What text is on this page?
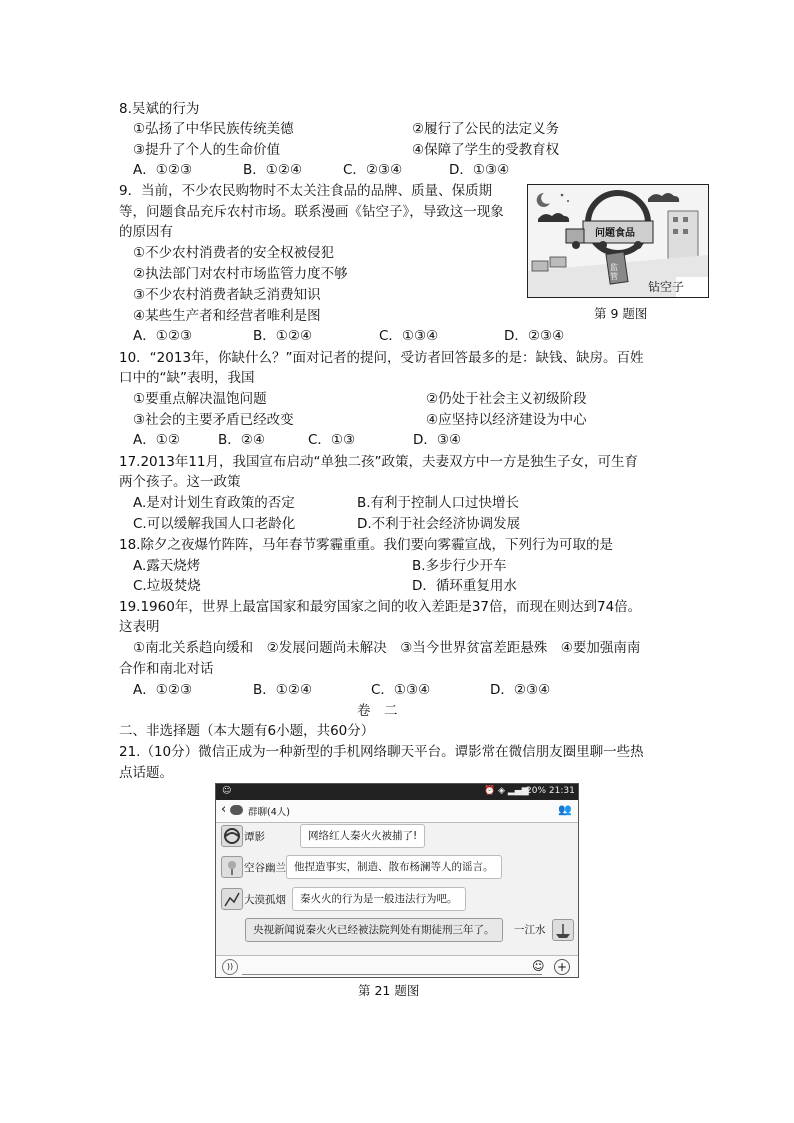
8.吴斌的行为
①弘扬了中华民族传统美德	②履行了公民的法定义务
③提升了个人的生命价值	④保障了学生的受教育权
A．①②③	B．①②④	C．②③④	D．①③④
9．当前，不少农民购物时不太关注食品的品牌、质量、保质期等，问题食品充斥农村市场。联系漫画《钻空子》，导致这一现象的原因有
①不少农村消费者的安全权被侵犯
②执法部门对农村市场监管力度不够
③不少农村消费者缺乏消费知识
④某些生产者和经营者唯利是图
A．①②③	B．①②④	C．①③④	D．②③④
问题食品
监管
钻空子
第 9 题图
10．“2013年，你缺什么？”面对记者的提问，受访者回答最多的是：缺钱、缺房。百姓
口中的“缺”表明，我国
①要重点解决温饱问题	②仍处于社会主义初级阶段
③社会的主要矛盾已经改变	④应坚持以经济建设为中心
A．①②	B．②④	C．①③	D．③④
17.2013年11月，我国宣布启动“单独二孩”政策，夫妻双方中一方是独生子女，可生育
两个孩子。这一政策
A.是对计划生育政策的否定	B.有利于控制人口过快增长
C.可以缓解我国人口老龄化	D.不利于社会经济协调发展
18.除夕之夜爆竹阵阵，马年春节雾霾重重。我们要向雾霾宣战，下列行为可取的是
A.露天烧烤	B.多步行少开车
C.垃圾焚烧	D．循环重复用水
19.1960年，世界上最富国家和最穷国家之间的收入差距是37倍，而现在则达到74倍。
这表明
①南北关系趋向缓和　②发展问题尚未解决　③当今世界贫富差距悬殊　④要加强南南
合作和南北对话
A．①②③	B．①②④	C．①③④	D．②③④
卷　二
二、非选择题（本大题有6小题，共60分）
21.（10分）微信正成为一种新型的手机网络聊天平台。谭影常在微信朋友圈里聊一些热
点话题。
☺	⏰ ◈ ▂▄▆
20% 21:31
‹ 群聊(4人)	👥
谭影	网络红人秦火火被捕了!
空谷幽兰 他捏造事实，制造、散布杨澜等人的谣言。
大漠孤烟	秦火火的行为是一般违法行为吧。
央视新闻说秦火火已经被法院判处有期徒刑三年了。	一江水
))	☺ +
第 21 题图
